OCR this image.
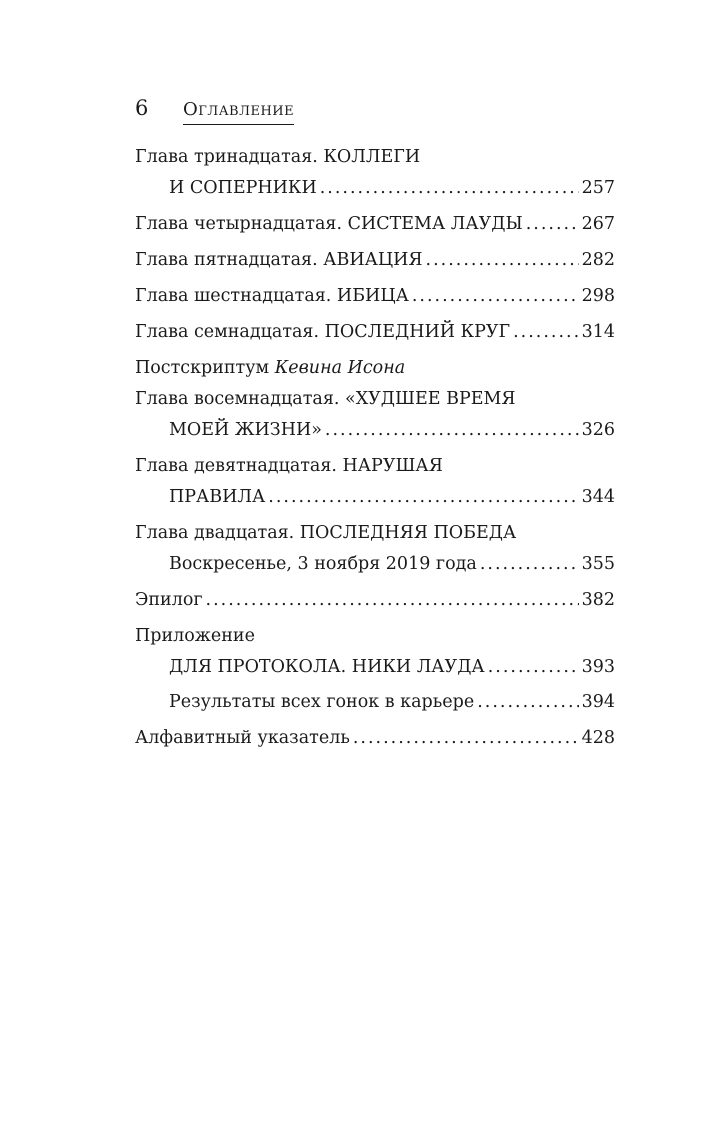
6	Оглавление
Глава тринадцатая. КОЛЛЕГИ
И СОПЕРНИКИ .....	257
Глава четырнадцатая. СИСТЕМА ЛАУДЫ .....	267
Глава пятнадцатая. АВИАЦИЯ .....	282
Глава шестнадцатая. ИБИЦА .....	298
Глава семнадцатая. ПОСЛЕДНИЙ КРУГ .....	314
Постскриптум Кевина Исона
Глава восемнадцатая. «ХУДШЕЕ ВРЕМЯ
МОЕЙ ЖИЗНИ» .....	326
Глава девятнадцатая. НАРУШАЯ
ПРАВИЛА .....	344
Глава двадцатая. ПОСЛЕДНЯЯ ПОБЕДА
Воскресенье, 3 ноября 2019 года .....	355
Эпилог .....	382
Приложение
ДЛЯ ПРОТОКОЛА. НИКИ ЛАУДА .....	393
Результаты всех гонок в карьере .....	394
Алфавитный указатель .....	428
